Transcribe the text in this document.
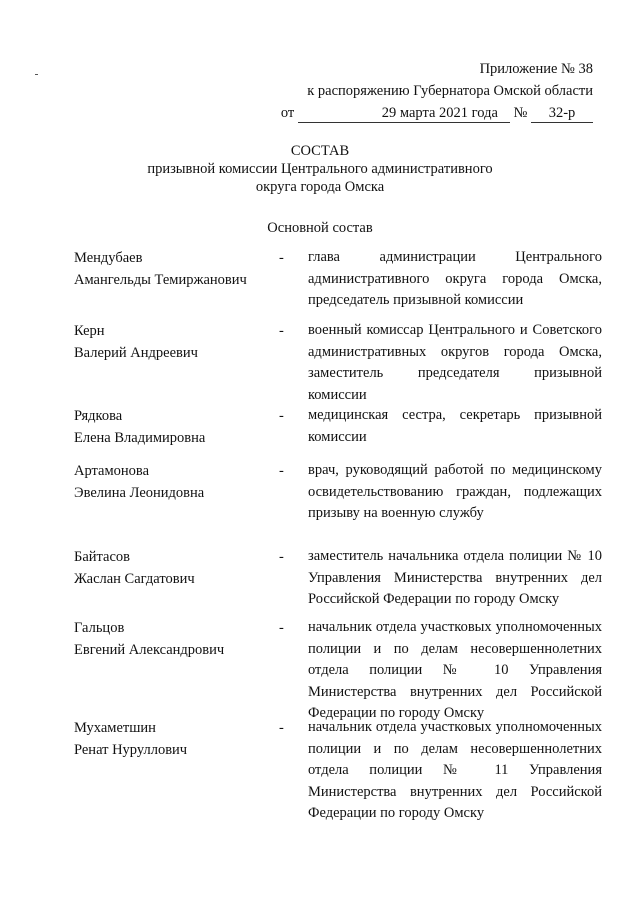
Приложение № 38
к распоряжению Губернатора Омской области
от	29 марта 2021 года № 32-р
СОСТАВ
призывной комиссии Центрального административного
округа города Омска
Основной состав
Мендубаев
Амангельды Темиржанович
-	глава администрации Центрального административного округа города Омска, председатель призывной комиссии
Керн
Валерий Андреевич
-	военный комиссар Центрального и Советского административных округов города Омска, заместитель председателя призывной комиссии
Рядкова
Елена Владимировна
-	медицинская сестра, секретарь призывной комиссии
Артамонова
Эвелина Леонидовна
-	врач, руководящий работой по медицинскому освидетельствованию граждан, подлежащих призыву на военную службу
Байтасов
Жаслан Сагдатович
-	заместитель начальника отдела полиции № 10 Управления Министерства внутренних дел Российской Федерации по городу Омску
Гальцов
Евгений Александрович
-	начальник отдела участковых уполномоченных полиции и по делам несовершеннолетних отдела полиции № 10 Управления Министерства внутренних дел Российской Федерации по городу Омску
Мухаметшин
Ренат Нуруллович
-	начальник отдела участковых уполномоченных полиции и по делам несовершеннолетних отдела полиции № 11 Управления Министерства внутренних дел Российской Федерации по городу Омску
